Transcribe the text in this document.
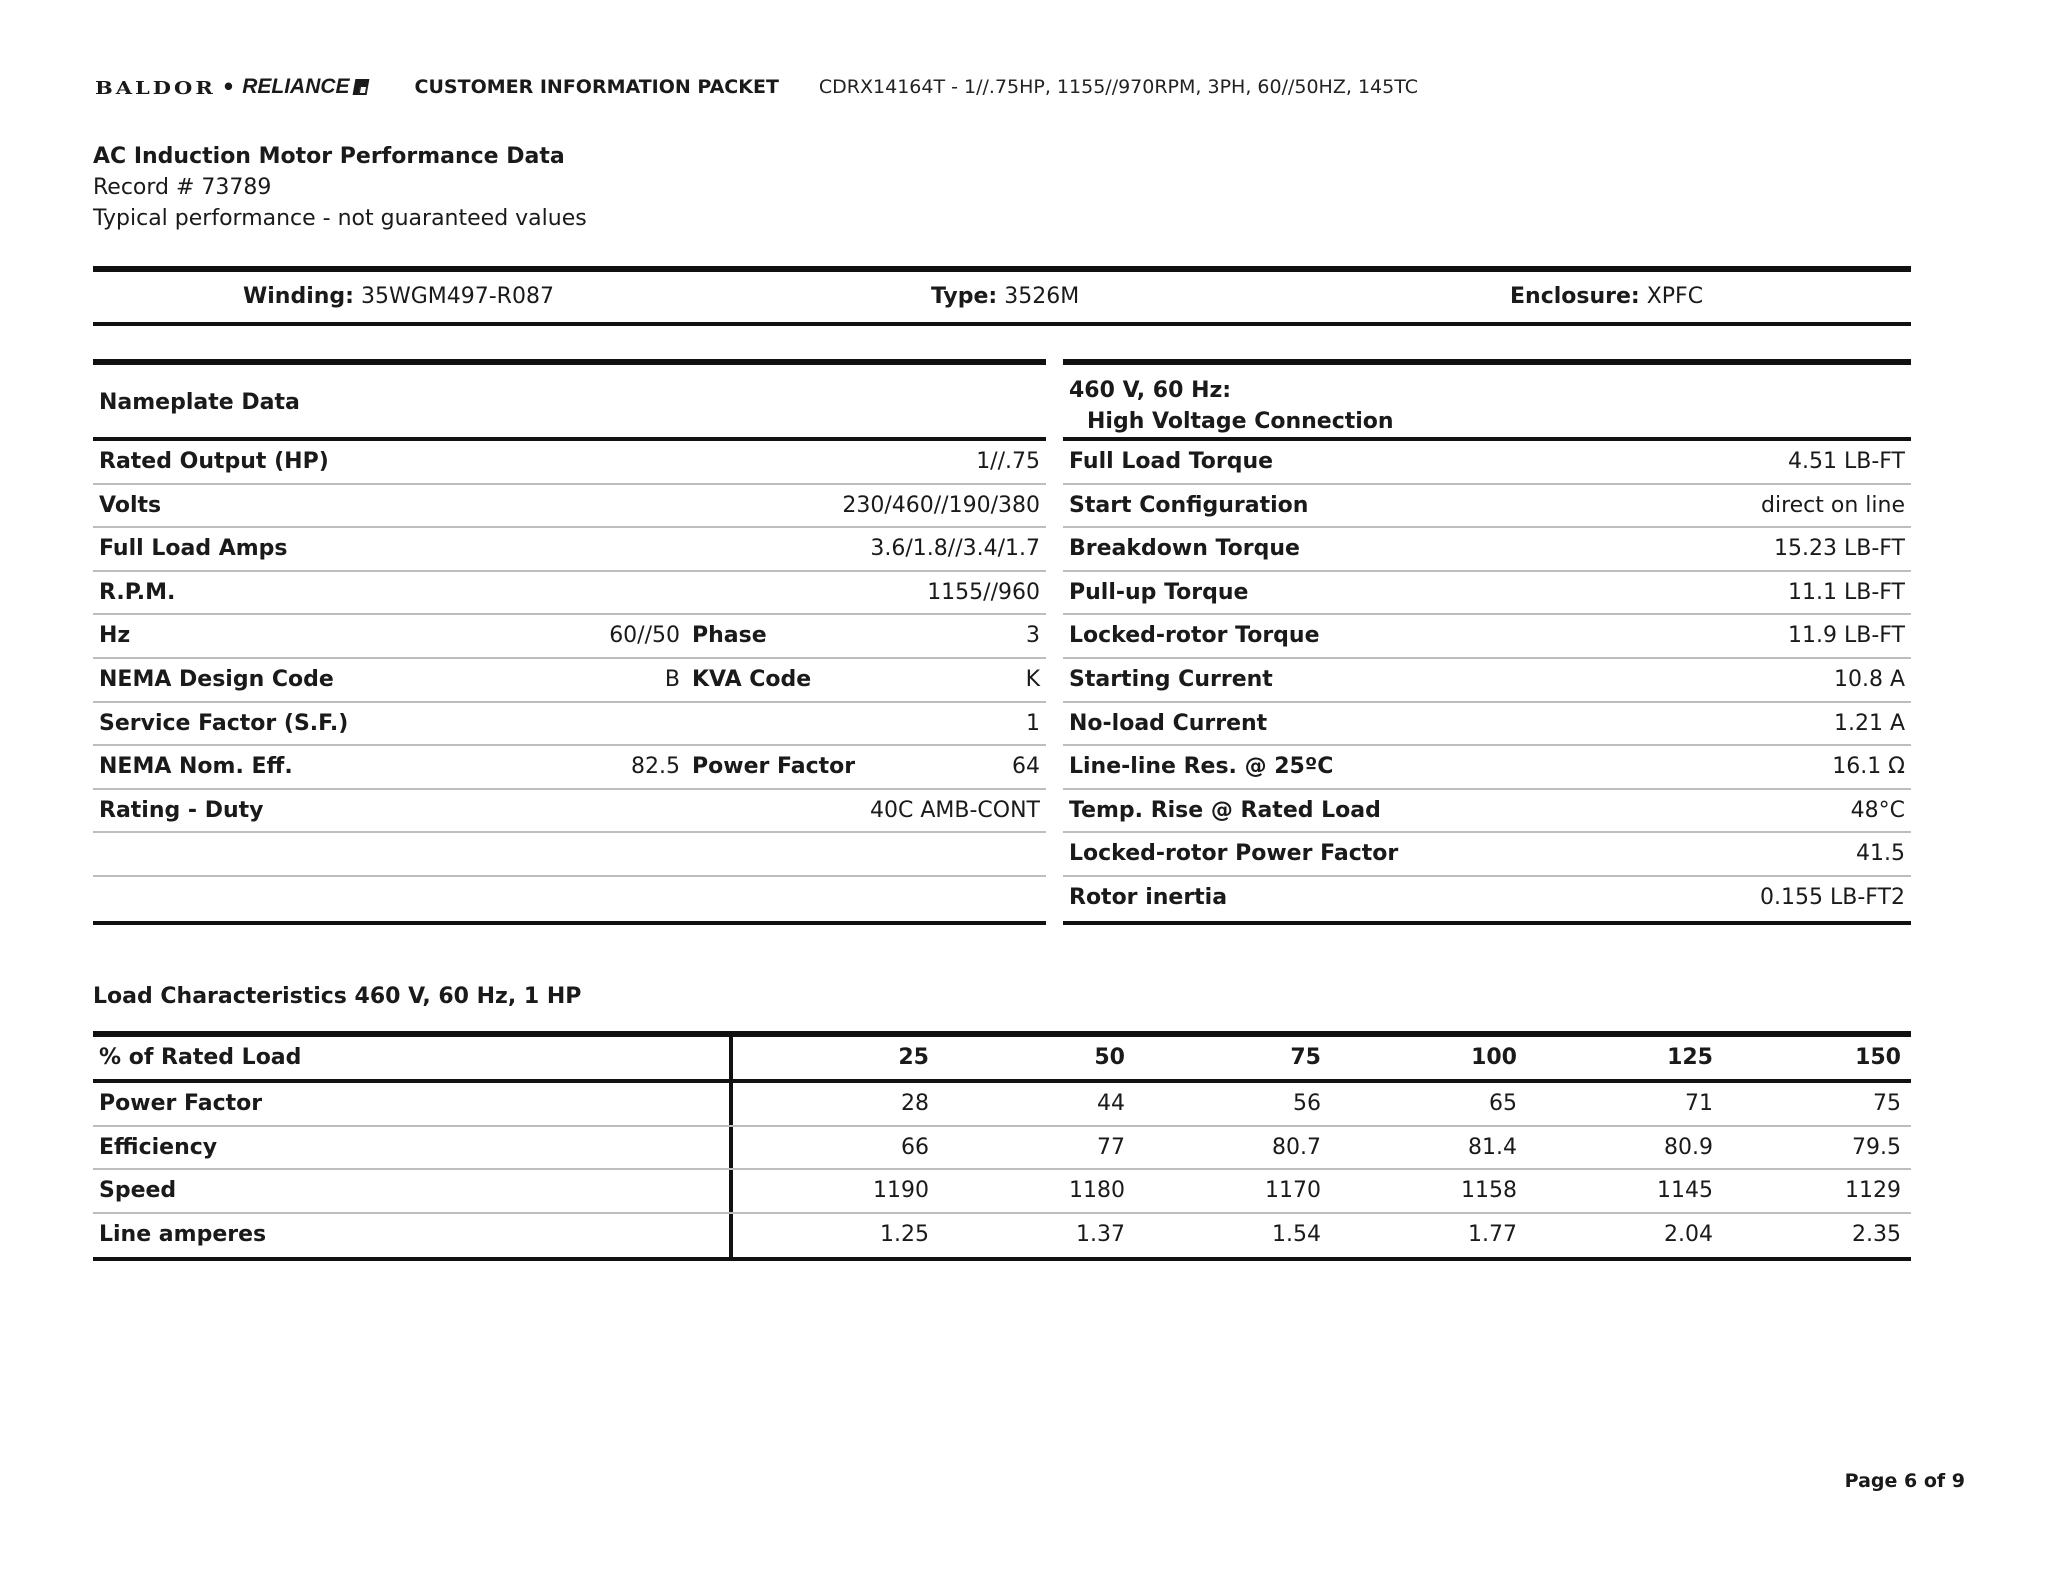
BALDOR • RELIANCE	CUSTOMER INFORMATION PACKET CDRX14164T - 1//.75HP, 1155//970RPM, 3PH, 60//50HZ, 145TC
AC Induction Motor Performance Data
Record # 73789
Typical performance - not guaranteed values
Winding: 35WGM497-R087	Type: 3526M	Enclosure: XPFC
Nameplate Data
Rated Output (HP)	1//.75
Volts	230/460//190/380
Full Load Amps	3.6/1.8//3.4/1.7
R.P.M.	1155//960
Hz	60//50 Phase	3
NEMA Design Code	B KVA Code	K
Service Factor (S.F.)	1
NEMA Nom. Eff.	82.5 Power Factor	64
Rating - Duty	40C AMB-CONT
460 V, 60 Hz:
High Voltage Connection
Full Load Torque	4.51 LB-FT
Start Configuration	direct on line
Breakdown Torque	15.23 LB-FT
Pull-up Torque	11.1 LB-FT
Locked-rotor Torque	11.9 LB-FT
Starting Current	10.8 A
No-load Current	1.21 A
Line-line Res. @ 25ºC	16.1 Ω
Temp. Rise @ Rated Load	48°C
Locked-rotor Power Factor	41.5
Rotor inertia	0.155 LB-FT2
Load Characteristics 460 V, 60 Hz, 1 HP
% of Rated Load	25	50	75	100	125	150
Power Factor	28	44	56	65	71	75
Efficiency	66	77	80.7	81.4	80.9	79.5
Speed	1190	1180	1170	1158	1145	1129
Line amperes	1.25	1.37	1.54	1.77	2.04	2.35
Page 6 of 9
